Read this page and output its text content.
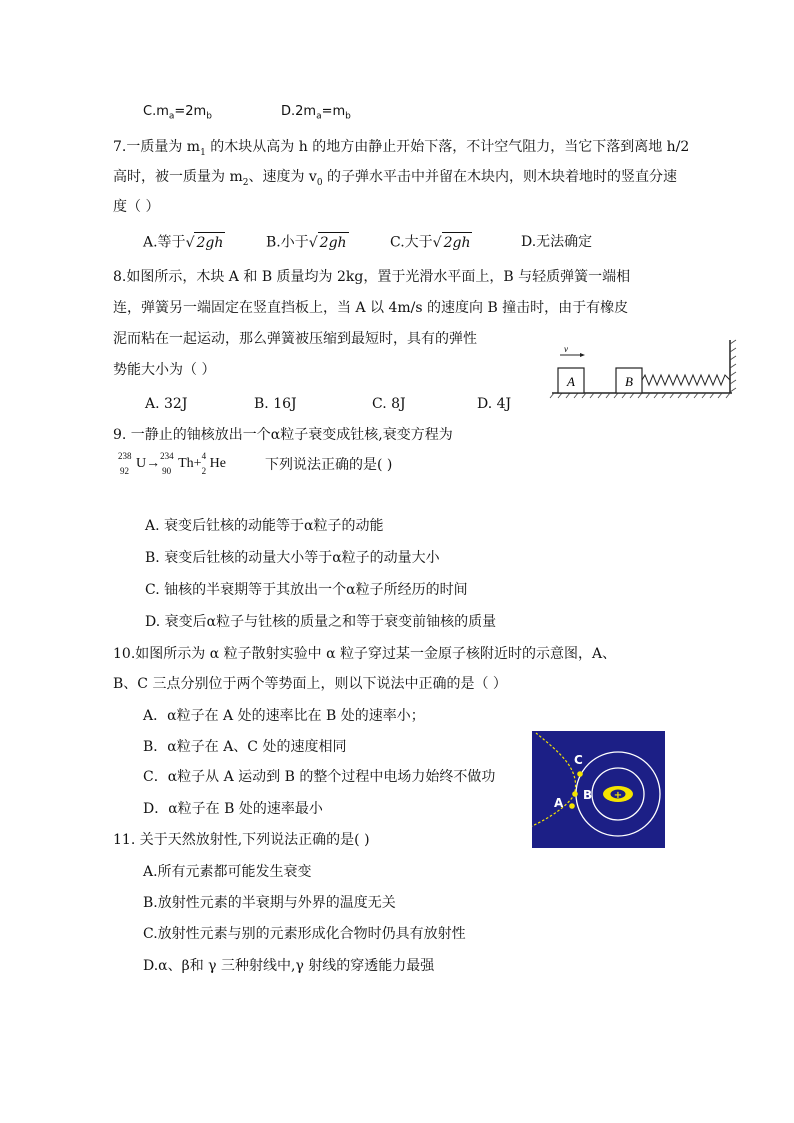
$C.m_a=2m_b$	$D.2m_a=m_b$
7.一质量为 $m_1$ 的木块从高为 h 的地方由静止开始下落，不计空气阻力，当它下落到离地 h/2
高时，被一质量为 $m_2$、速度为 $v_0$ 的子弹水平击中并留在木块内，则木块着地时的竖直分速
度（ ）
A.等于√ 2gh	B.小于√ 2gh	C.大于√ 2gh	D.无法确定
8.如图所示，木块 A 和 B 质量均为 2kg，置于光滑水平面上，B 与轻质弹簧一端相
连，弹簧另一端固定在竖直挡板上，当 A 以 4m/s 的速度向 B 撞击时，由于有橡皮
泥而粘在一起运动，那么弹簧被压缩到最短时，具有的弹性
势能大小为（ ）
A. 32J	B. 16J	C. 8J	D. 4J
A	B
v
9. 一静止的铀核放出一个α粒子衰变成钍核,衰变方程为
238
92 U→
234
90 Th+
4
2 He	下列说法正确的是( )
A. 衰变后钍核的动能等于α粒子的动能
B. 衰变后钍核的动量大小等于α粒子的动量大小
C. 铀核的半衰期等于其放出一个α粒子所经历的时间
D. 衰变后α粒子与钍核的质量之和等于衰变前铀核的质量
10.如图所示为 α 粒子散射实验中 α 粒子穿过某一金原子核附近时的示意图，A、
B、C 三点分别位于两个等势面上，则以下说法中正确的是（ ）
A．α粒子在 A 处的速率比在 B 处的速率小；
B．α粒子在 A、C 处的速度相同
C．α粒子从 A 运动到 B 的整个过程中电场力始终不做功
D．α粒子在 B 处的速率最小
+
C
B
A
11. 关于天然放射性,下列说法正确的是( )
A.所有元素都可能发生衰变
B.放射性元素的半衰期与外界的温度无关
C.放射性元素与别的元素形成化合物时仍具有放射性
D.α、β和 γ 三种射线中,γ 射线的穿透能力最强
